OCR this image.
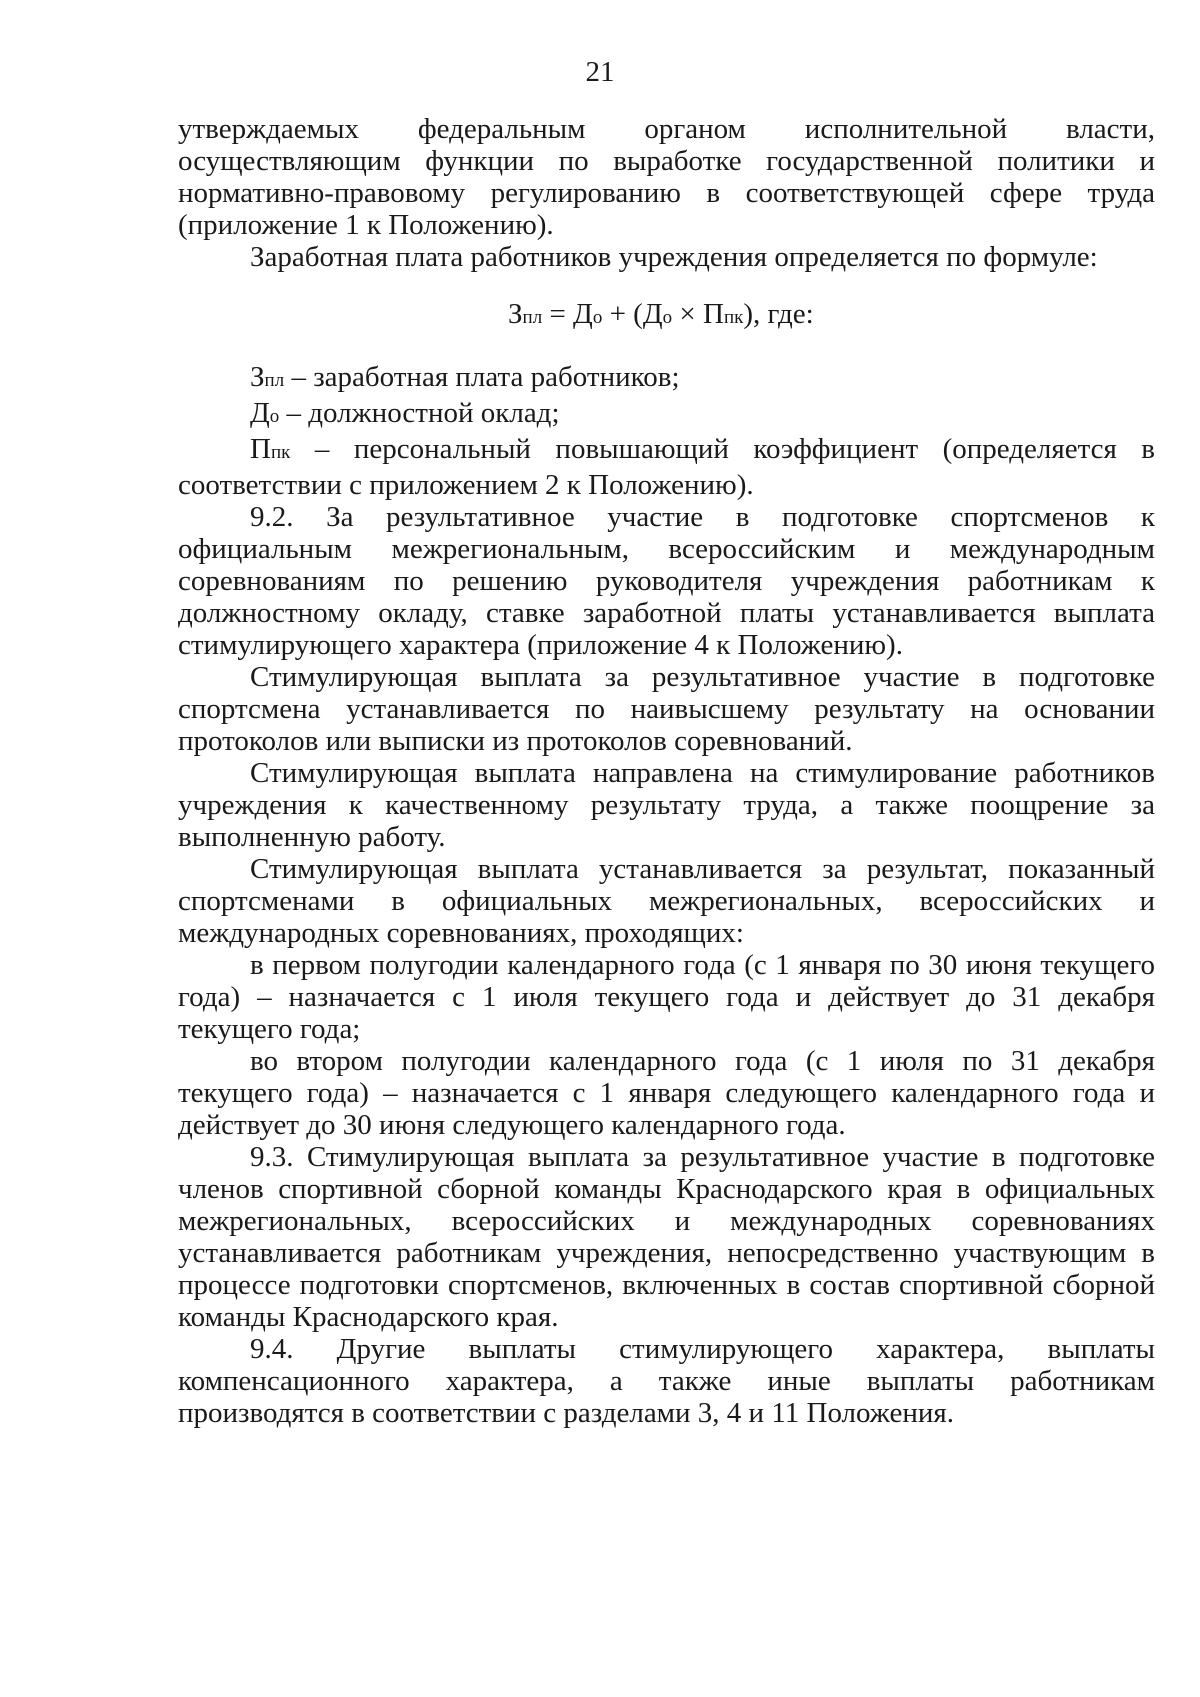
21

утверждаемых федеральным органом исполнительной власти, осуществляющим функции по выработке государственной политики и нормативно-правовому регулированию в соответствующей сфере труда (приложение 1 к Положению).

Заработная плата работников учреждения определяется по формуле:

Зпл = До + (До × Ппк), где:

Зпл – заработная плата работников;

До – должностной оклад;

Ппк – персональный повышающий коэффициент (определяется в соответствии с приложением 2 к Положению).

9.2. За результативное участие в подготовке спортсменов к официальным межрегиональным, всероссийским и международным соревнованиям по решению руководителя учреждения работникам к должностному окладу, ставке заработной платы устанавливается выплата стимулирующего характера (приложение 4 к Положению).

Стимулирующая выплата за результативное участие в подготовке спортсмена устанавливается по наивысшему результату на основании протоколов или выписки из протоколов соревнований.

Стимулирующая выплата направлена на стимулирование работников учреждения к качественному результату труда, а также поощрение за выполненную работу.

Стимулирующая выплата устанавливается за результат, показанный спортсменами в официальных межрегиональных, всероссийских и международных соревнованиях, проходящих:

в первом полугодии календарного года (с 1 января по 30 июня текущего года) – назначается с 1 июля текущего года и действует до 31 декабря текущего года;

во втором полугодии календарного года (с 1 июля по 31 декабря текущего года) – назначается с 1 января следующего календарного года и действует до 30 июня следующего календарного года.

9.3. Стимулирующая выплата за результативное участие в подготовке членов спортивной сборной команды Краснодарского края в официальных межрегиональных, всероссийских и международных соревнованиях устанавливается работникам учреждения, непосредственно участвующим в процессе подготовки спортсменов, включенных в состав спортивной сборной команды Краснодарского края.

9.4. Другие выплаты стимулирующего характера, выплаты компенсационного характера, а также иные выплаты работникам производятся в соответствии с разделами 3, 4 и 11 Положения.
